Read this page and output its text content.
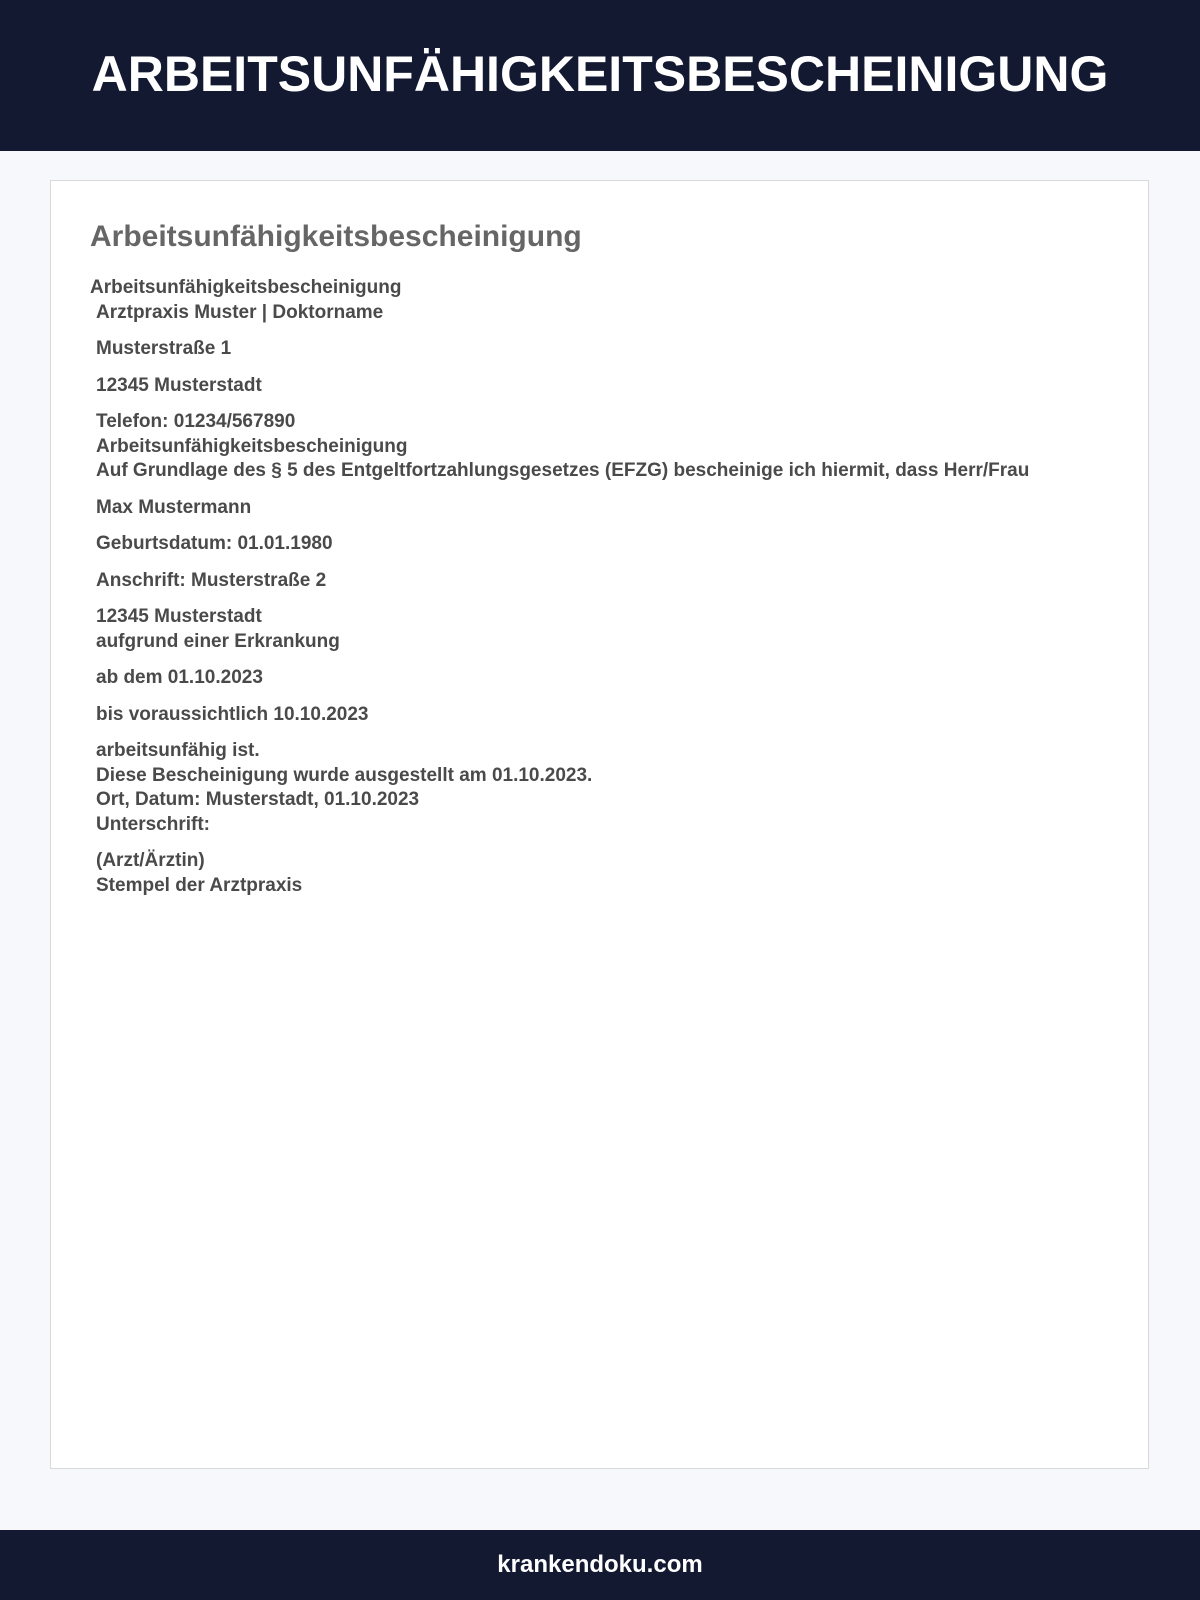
ARBEITSUNFÄHIGKEITSBESCHEINIGUNG
Arbeitsunfähigkeitsbescheinigung
Arbeitsunfähigkeitsbescheinigung
Arztpraxis Muster | Doktorname
Musterstraße 1
12345 Musterstadt
Telefon: 01234/567890
Arbeitsunfähigkeitsbescheinigung
Auf Grundlage des § 5 des Entgeltfortzahlungsgesetzes (EFZG) bescheinige ich hiermit, dass Herr/Frau
Max Mustermann
Geburtsdatum: 01.01.1980
Anschrift: Musterstraße 2
12345 Musterstadt
aufgrund einer Erkrankung
ab dem 01.10.2023
bis voraussichtlich 10.10.2023
arbeitsunfähig ist.
Diese Bescheinigung wurde ausgestellt am 01.10.2023.
Ort, Datum: Musterstadt, 01.10.2023
Unterschrift:
(Arzt/Ärztin)
Stempel der Arztpraxis
krankendoku.com
